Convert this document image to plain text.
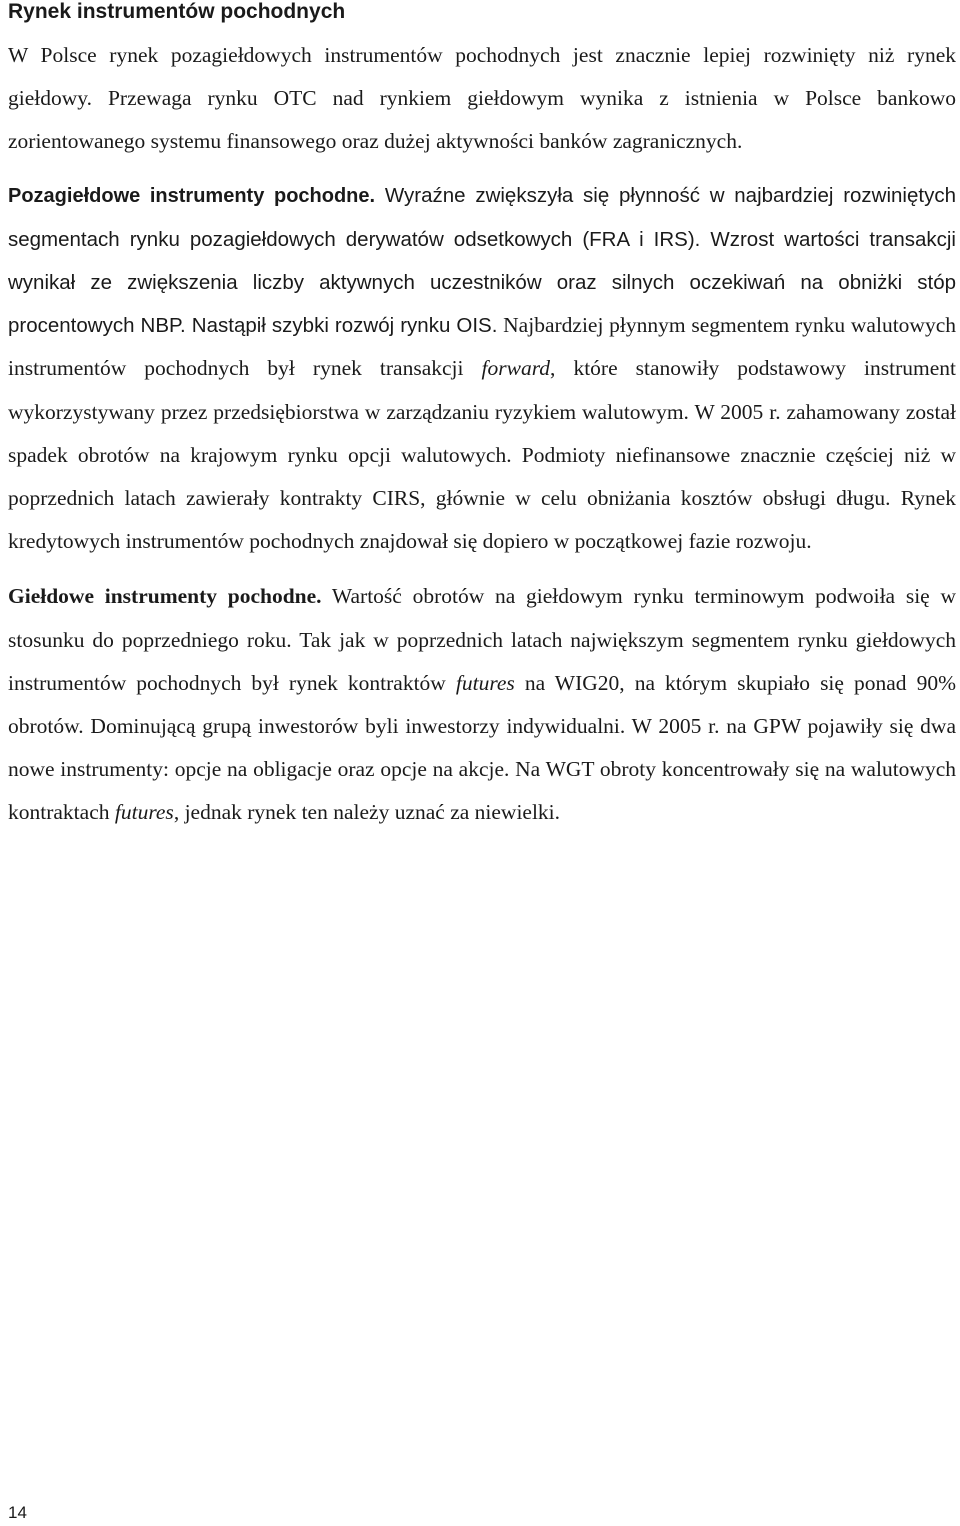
Rynek instrumentów pochodnych

W Polsce rynek pozagiełdowych instrumentów pochodnych jest znacznie lepiej rozwinięty niż rynek giełdowy. Przewaga rynku OTC nad rynkiem giełdowym wynika z istnienia w Polsce bankowo zorientowanego systemu finansowego oraz dużej aktywności banków zagranicznych.

Pozagiełdowe instrumenty pochodne. Wyraźne zwiększyła się płynność w najbardziej rozwiniętych segmentach rynku pozagiełdowych derywatów odsetkowych (FRA i IRS). Wzrost wartości transakcji wynikał ze zwiększenia liczby aktywnych uczestników oraz silnych oczekiwań na obniżki stóp procentowych NBP. Nastąpił szybki rozwój rynku OIS. Najbardziej płynnym segmentem rynku walutowych instrumentów pochodnych był rynek transakcji forward, które stanowiły podstawowy instrument wykorzystywany przez przedsiębiorstwa w zarządzaniu ryzykiem walutowym. W 2005 r. zahamowany został spadek obrotów na krajowym rynku opcji walutowych. Podmioty niefinansowe znacznie częściej niż w poprzednich latach zawierały kontrakty CIRS, głównie w celu obniżania kosztów obsługi długu. Rynek kredytowych instrumentów pochodnych znajdował się dopiero w początkowej fazie rozwoju.

Giełdowe instrumenty pochodne. Wartość obrotów na giełdowym rynku terminowym podwoiła się w stosunku do poprzedniego roku. Tak jak w poprzednich latach największym segmentem rynku giełdowych instrumentów pochodnych był rynek kontraktów futures na WIG20, na którym skupiało się ponad 90% obrotów. Dominującą grupą inwestorów byli inwestorzy indywidualni. W 2005 r. na GPW pojawiły się dwa nowe instrumenty: opcje na obligacje oraz opcje na akcje. Na WGT obroty koncentrowały się na walutowych kontraktach futures, jednak rynek ten należy uznać za niewielki.

14
